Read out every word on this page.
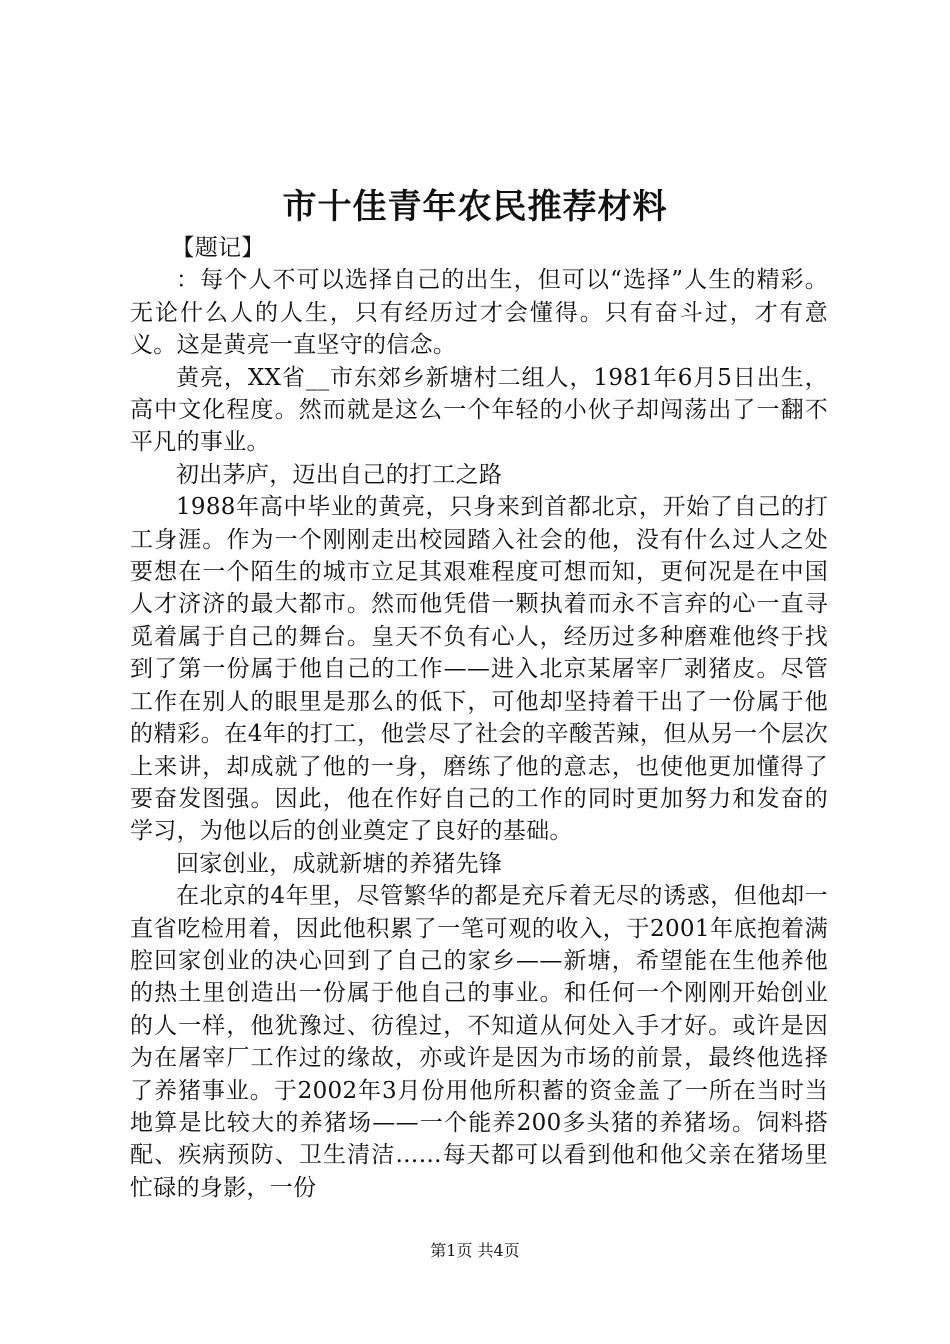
市十佳青年农民推荐材料

【题记】

：每个人不可以选择自己的出生，但可以“选择”人生的精彩。无论什么人的人生，只有经历过才会懂得。只有奋斗过，才有意义。这是黄亮一直坚守的信念。

黄亮，XX省__市东郊乡新塘村二组人，1981年6月5日出生，高中文化程度。然而就是这么一个年轻的小伙子却闯荡出了一翻不平凡的事业。

初出茅庐，迈出自己的打工之路

1988年高中毕业的黄亮，只身来到首都北京，开始了自己的打工身涯。作为一个刚刚走出校园踏入社会的他，没有什么过人之处要想在一个陌生的城市立足其艰难程度可想而知，更何况是在中国人才济济的最大都市。然而他凭借一颗执着而永不言弃的心一直寻觅着属于自己的舞台。皇天不负有心人，经历过多种磨难他终于找到了第一份属于他自己的工作——进入北京某屠宰厂剥猪皮。尽管工作在别人的眼里是那么的低下，可他却坚持着干出了一份属于他的精彩。在4年的打工，他尝尽了社会的辛酸苦辣，但从另一个层次上来讲，却成就了他的一身，磨练了他的意志，也使他更加懂得了要奋发图强。因此，他在作好自己的工作的同时更加努力和发奋的学习，为他以后的创业奠定了良好的基础。

回家创业，成就新塘的养猪先锋

在北京的4年里，尽管繁华的都是充斥着无尽的诱惑，但他却一直省吃检用着，因此他积累了一笔可观的收入，于2001年底抱着满腔回家创业的决心回到了自己的家乡——新塘，希望能在生他养他的热土里创造出一份属于他自己的事业。和任何一个刚刚开始创业的人一样，他犹豫过、彷徨过，不知道从何处入手才好。或许是因为在屠宰厂工作过的缘故，亦或许是因为市场的前景，最终他选择了养猪事业。于2002年3月份用他所积蓄的资金盖了一所在当时当地算是比较大的养猪场——一个能养200多头猪的养猪场。饲料搭配、疾病预防、卫生清洁……每天都可以看到他和他父亲在猪场里忙碌的身影，一份

第1页 共4页
